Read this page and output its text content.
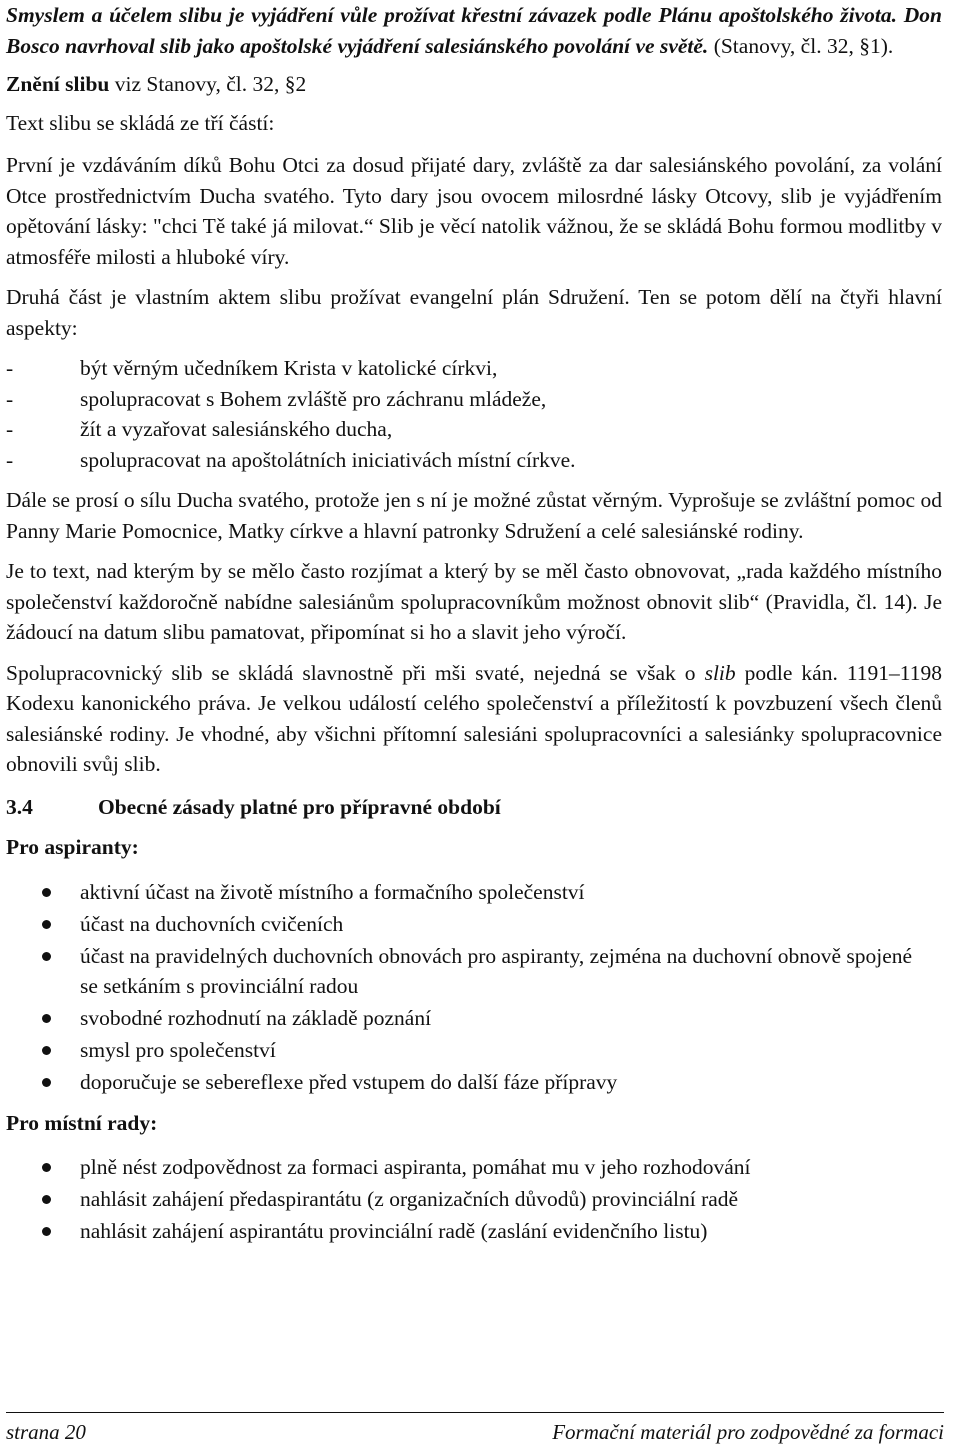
Smyslem a účelem slibu je vyjádření vůle prožívat křestní závazek podle Plánu apoštolského života. Don Bosco navrhoval slib jako apoštolské vyjádření salesiánského povolání ve světě. (Stanovy, čl. 32, §1).

Znění slibu viz Stanovy, čl. 32, §2

Text slibu se skládá ze tří částí:

První je vzdáváním díků Bohu Otci za dosud přijaté dary, zvláště za dar salesiánského povolání, za volání Otce prostřednictvím Ducha svatého. Tyto dary jsou ovocem milosrdné lásky Otcovy, slib je vyjádřením opětování lásky: "chci Tě také já milovat.“ Slib je věcí natolik vážnou, že se skládá Bohu formou modlitby v atmosféře milosti a hluboké víry.

Druhá část je vlastním aktem slibu prožívat evangelní plán Sdružení. Ten se potom dělí na čtyři hlavní aspekty:

-	být věrným učedníkem Krista v katolické církvi,
-	spolupracovat s Bohem zvláště pro záchranu mládeže,
-	žít a vyzařovat salesiánského ducha,
-	spolupracovat na apoštolátních iniciativách místní církve.

Dále se prosí o sílu Ducha svatého, protože jen s ní je možné zůstat věrným. Vyprošuje se zvláštní pomoc od Panny Marie Pomocnice, Matky církve a hlavní patronky Sdružení a celé salesiánské rodiny.

Je to text, nad kterým by se mělo často rozjímat a který by se měl často obnovovat, „rada každého místního společenství každoročně nabídne salesiánům spolupracovníkům možnost obnovit slib“ (Pravidla, čl. 14). Je žádoucí na datum slibu pamatovat, připomínat si ho a slavit jeho výročí.

Spolupracovnický slib se skládá slavnostně při mši svaté, nejedná se však o slib podle kán. 1191–1198 Kodexu kanonického práva. Je velkou událostí celého společenství a příležitostí k povzbuzení všech členů salesiánské rodiny. Je vhodné, aby všichni přítomní salesiáni spolupracovníci a salesiánky spolupracovnice obnovili svůj slib.

3.4	Obecné zásady platné pro přípravné období

Pro aspiranty:

aktivní účast na životě místního a formačního společenství
účast na duchovních cvičeních
účast na pravidelných duchovních obnovách pro aspiranty, zejména na duchovní obnově spojené se setkáním s provinciální radou
svobodné rozhodnutí na základě poznání
smysl pro společenství
doporučuje se sebereflexe před vstupem do další fáze přípravy

Pro místní rady:

plně nést zodpovědnost za formaci aspiranta, pomáhat mu v jeho rozhodování
nahlásit zahájení předaspirantátu (z organizačních důvodů) provinciální radě
nahlásit zahájení aspirantátu provinciální radě (zaslání evidenčního listu)
strana 20	Formační materiál pro zodpovědné za formaci
